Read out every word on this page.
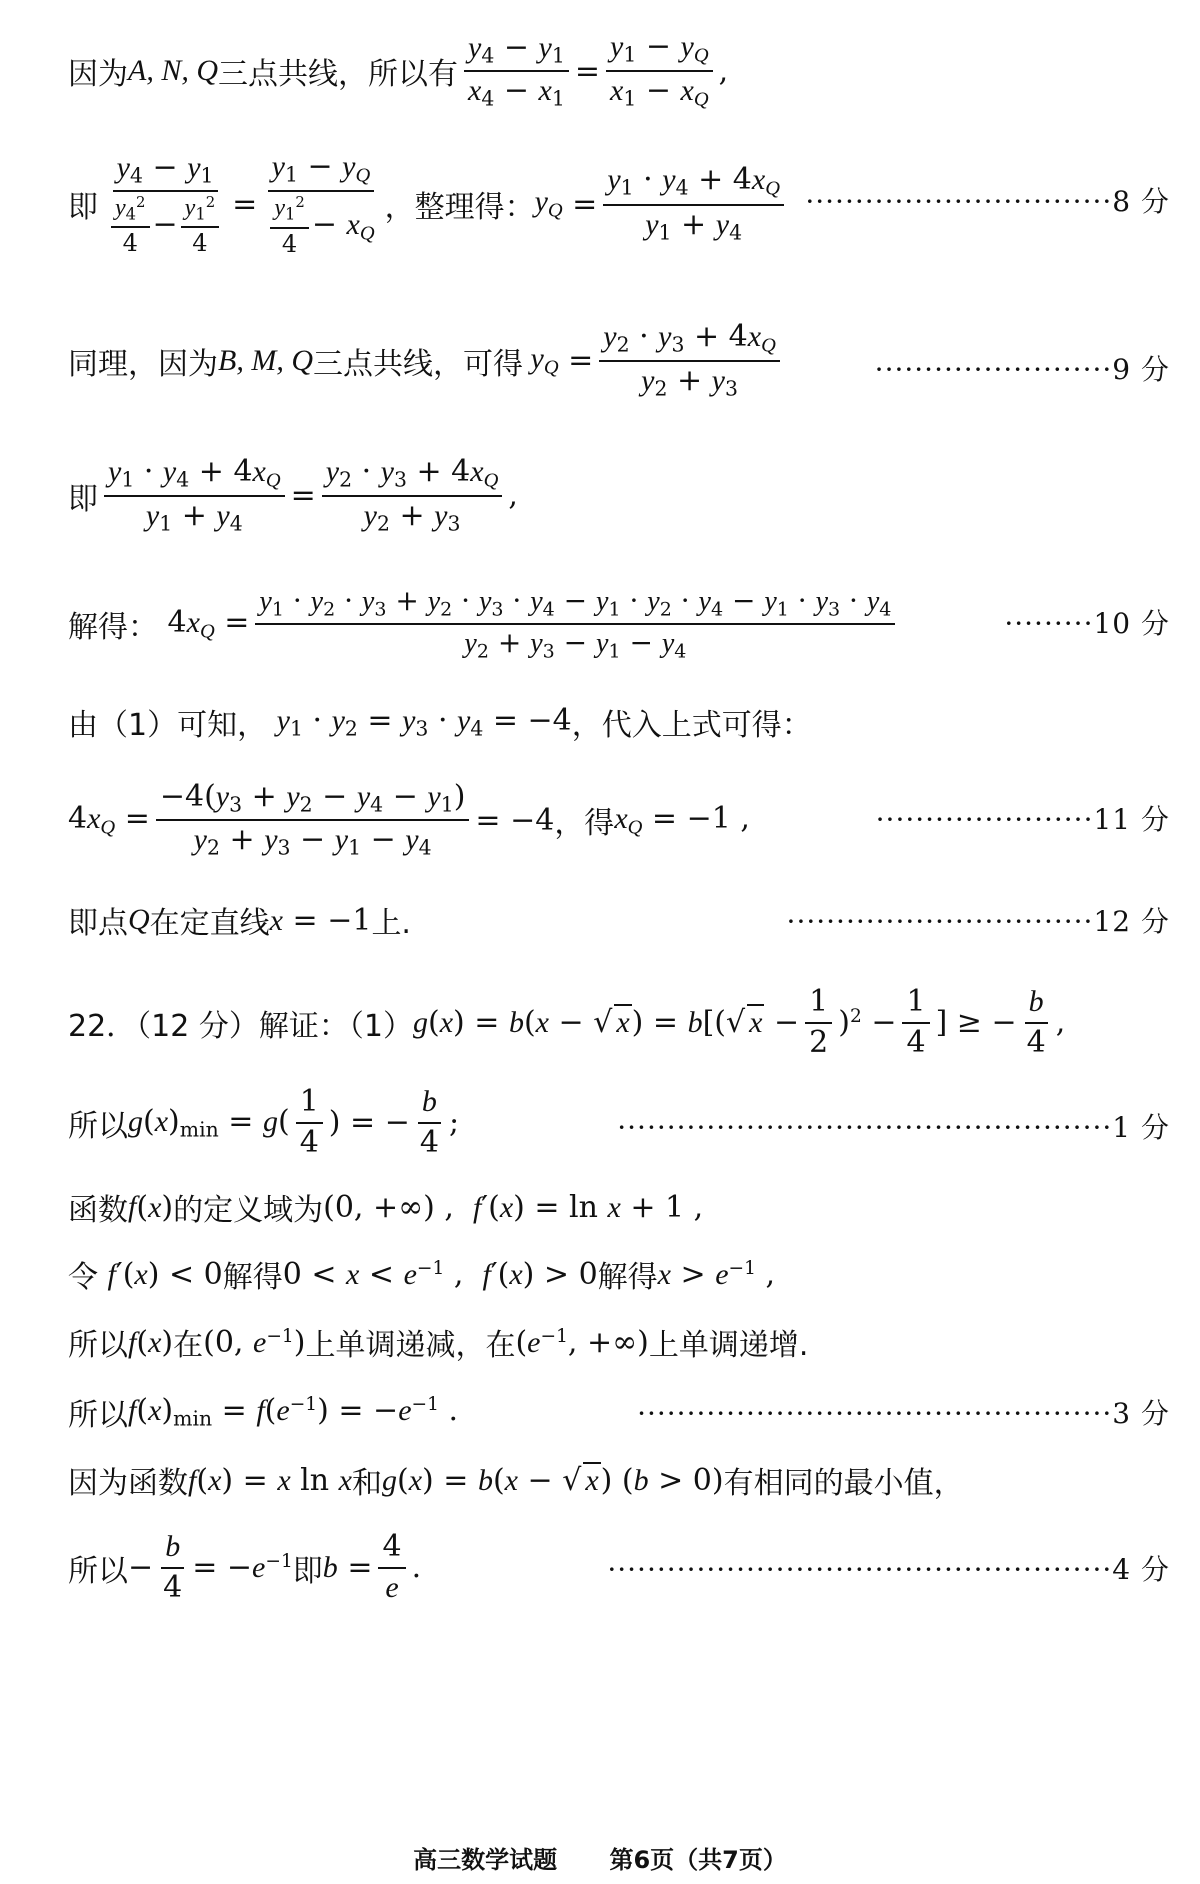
因为 A, N, Q 三点共线，所以有 $\frac{y_4 - y_1}{x_4 - x_1} = \frac{y_1 - y_Q}{x_1 - x_Q}$ ,
即 $\frac{y_4 - y_1}{\frac{y_4^2}{4} - \frac{y_1^2}{4}} = \frac{y_1 - y_Q}{\frac{y_1^2}{4} - x_Q}$ ，整理得： $y_Q = \frac{y_1 \cdot y_4 + 4x_Q}{y_1 + y_4} \cdot\cdot\cdot\cdot\cdot\cdot\cdot\cdot\cdot\cdot\cdot\cdot\cdot\cdot\cdot\cdot\cdot\cdot\cdot\cdot\cdot\cdot\cdot\cdot\cdot\cdot\cdot\cdot\cdot\cdot\cdot 8$ 分
同理，因为 B, M, Q 三点共线，可得 $y_Q = \frac{y_2 \cdot y_3 + 4x_Q}{y_2 + y_3}$	························9 分
即 $\frac{y_1 \cdot y_4 + 4x_Q}{y_1 + y_4} = \frac{y_2 \cdot y_3 + 4x_Q}{y_2 + y_3}$ ,
解得： $4x_Q = \frac{y_1 \cdot y_2 \cdot y_3 + y_2 \cdot y_3 \cdot y_4 - y_1 \cdot y_2 \cdot y_4 - y_1 \cdot y_3 \cdot y_4}{y_2 + y_3 - y_1 - y_4}$	·········10 分
由（1）可知， $y_1 \cdot y_2 = y_3 \cdot y_4 = -4$ ，代入上式可得：
$4x_Q = \frac{-4(y_3 + y_2 - y_4 - y_1)}{y_2 + y_3 - y_1 - y_4} = -4$ ，得 $x_Q = -1$ ,	······················11 分
即点 Q 在定直线 x = −1 上.	·······························12 分
22．（12 分）解证：（1） g(x) = b(x − √ x) = b[(√ $x - \frac{1}{2} )^2 - \frac{1}{4}$ ] ≥ − $\frac{b}{4}$ ,
所以 $g(x)_{min} = g( \frac{1}{4}$ ) = − $\frac{b}{4}$ ;	··················································1 分
函数 f (x) 的定义域为 (0, +∞) ,  f′(x) = ln x + 1 ,
令 f′(x) < 0 解得 $0 < x < e^{-1}$ ,  f′(x) > 0 解得 $x > e^{-1}$ ,
所以 f(x) 在 (0, $e^{-1}$) 上单调递减，在 ($e^{-1}$, +∞) 上单调递增.
所以 $f(x)_{min} = f(e^{-1}) = -e^{-1}$ .	················································3 分
因为函数 f(x) = x ln x 和 g(x) = b(x − √ x) (b > 0) 有相同的最小值，
所以 − $\frac{b}{4} = -e^{-1}$ 即 $b = \frac{4}{e}$ .	···················································4 分
高三数学试题 第6页（共7页）
